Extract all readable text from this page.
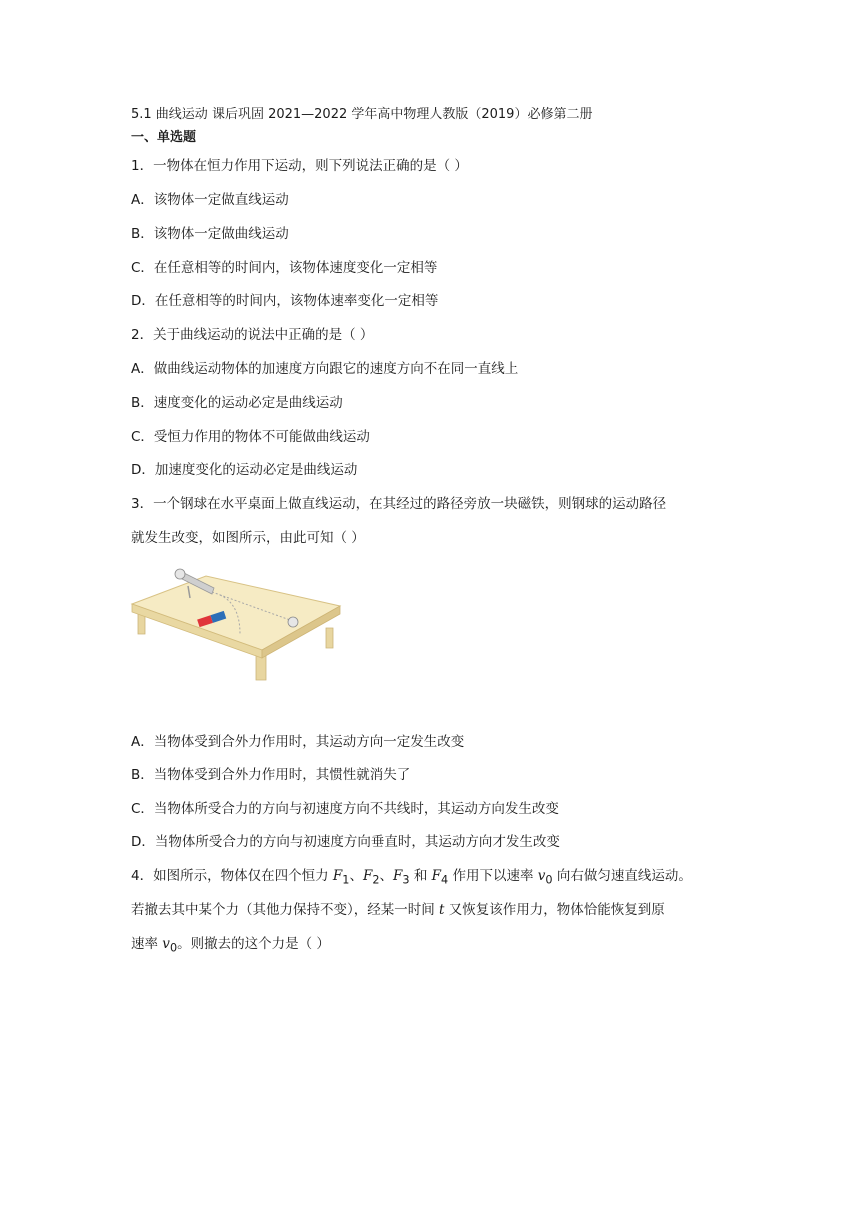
5.1 曲线运动 课后巩固 2021—2022 学年高中物理人教版（2019）必修第二册
一、单选题
1．一物体在恒力作用下运动，则下列说法正确的是（ ）
A．该物体一定做直线运动
B．该物体一定做曲线运动
C．在任意相等的时间内，该物体速度变化一定相等
D．在任意相等的时间内，该物体速率变化一定相等
2．关于曲线运动的说法中正确的是（ ）
A．做曲线运动物体的加速度方向跟它的速度方向不在同一直线上
B．速度变化的运动必定是曲线运动
C．受恒力作用的物体不可能做曲线运动
D．加速度变化的运动必定是曲线运动
3．一个钢球在水平桌面上做直线运动，在其经过的路径旁放一块磁铁，则钢球的运动路径
就发生改变，如图所示，由此可知（ ）
A．当物体受到合外力作用时，其运动方向一定发生改变
B．当物体受到合外力作用时，其惯性就消失了
C．当物体所受合力的方向与初速度方向不共线时，其运动方向发生改变
D．当物体所受合力的方向与初速度方向垂直时，其运动方向才发生改变
4．如图所示，物体仅在四个恒力 $F_1$、$F_2$、$F_3$ 和 $F_4$ 作用下以速率 $v_0$ 向右做匀速直线运动。
若撤去其中某个力（其他力保持不变），经某一时间 t 又恢复该作用力，物体恰能恢复到原
速率 $v_0$。则撤去的这个力是（ ）
